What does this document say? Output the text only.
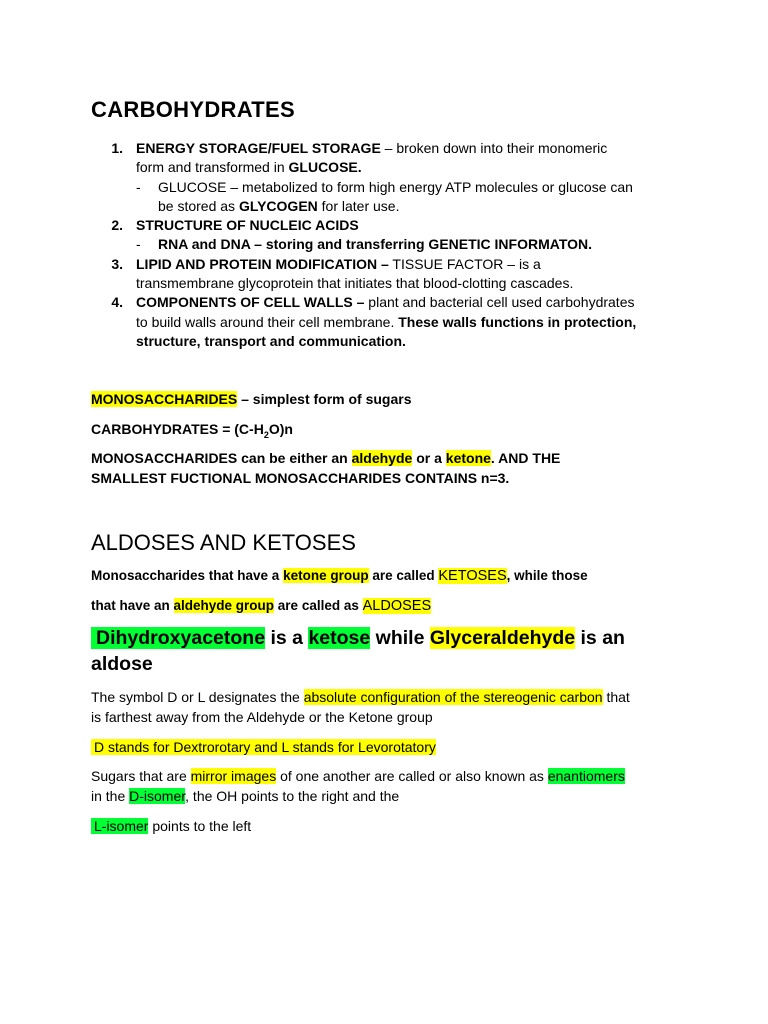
CARBOHYDRATES
1. ENERGY STORAGE/FUEL STORAGE – broken down into their monomeric
form and transformed in GLUCOSE.
- GLUCOSE – metabolized to form high energy ATP molecules or glucose can
be stored as GLYCOGEN for later use.
2. STRUCTURE OF NUCLEIC ACIDS
- RNA and DNA – storing and transferring GENETIC INFORMATON.
3. LIPID AND PROTEIN MODIFICATION – TISSUE FACTOR – is a
transmembrane glycoprotein that initiates that blood-clotting cascades.
4. COMPONENTS OF CELL WALLS – plant and bacterial cell used carbohydrates
to build walls around their cell membrane. These walls functions in protection,
structure, transport and communication.
MONOSACCHARIDES – simplest form of sugars
CARBOHYDRATES = $(C-H_2O)n$
MONOSACCHARIDES can be either an aldehyde or a ketone. AND THE
SMALLEST FUCTIONAL MONOSACCHARIDES CONTAINS n=3.
ALDOSES AND KETOSES
Monosaccharides that have a ketone group are called KETOSES, while those
that have an aldehyde group are called as ALDOSES
Dihydroxyacetone is a ketose while Glyceraldehyde is an
aldose
The symbol D or L designates the absolute configuration of the stereogenic carbon that
is farthest away from the Aldehyde or the Ketone group
D stands for Dextrorotary and L stands for Levorotatory
Sugars that are mirror images of one another are called or also known as enantiomers
in the D-isomer, the OH points to the right and the
L-isomer points to the left
